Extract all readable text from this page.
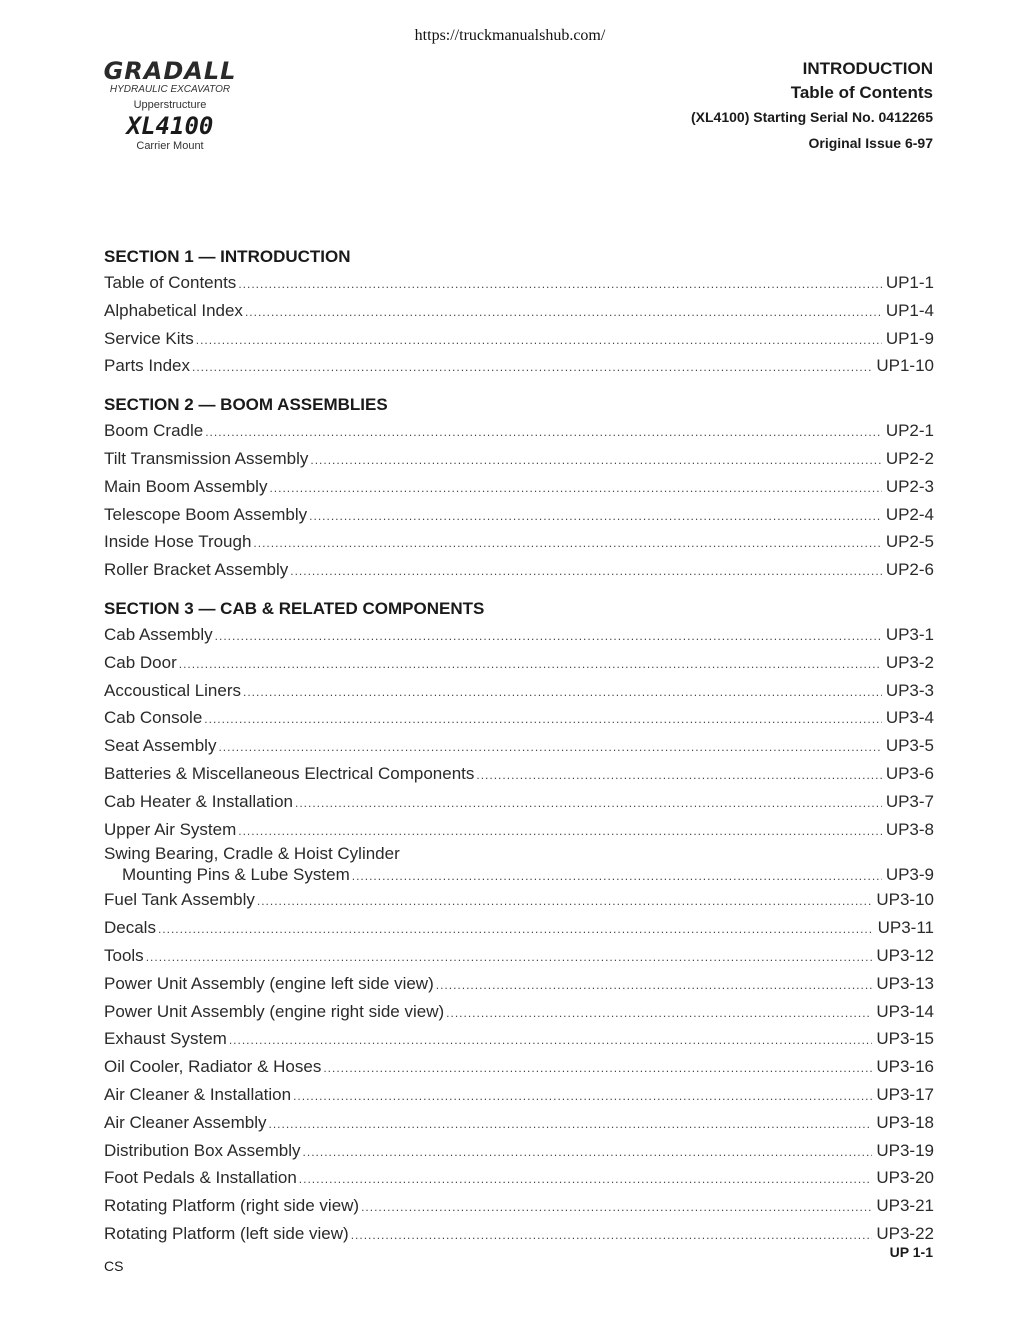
https://truckmanualshub.com/
GRADALL
HYDRAULIC EXCAVATOR
Upperstructure
XL4100
Carrier Mount
INTRODUCTION
Table of Contents
(XL4100) Starting Serial No. 0412265
Original Issue 6-97
SECTION 1 — INTRODUCTION
Table of Contents .....	UP1-1
Alphabetical Index .....	UP1-4
Service Kits .....	UP1-9
Parts Index .....	UP1-10
SECTION 2 — BOOM ASSEMBLIES
Boom Cradle .....	UP2-1
Tilt Transmission Assembly .....	UP2-2
Main Boom Assembly .....	UP2-3
Telescope Boom Assembly .....	UP2-4
Inside Hose Trough .....	UP2-5
Roller Bracket Assembly .....	UP2-6
SECTION 3 — CAB & RELATED COMPONENTS
Cab Assembly .....	UP3-1
Cab Door .....	UP3-2
Accoustical Liners .....	UP3-3
Cab Console .....	UP3-4
Seat Assembly .....	UP3-5
Batteries & Miscellaneous Electrical Components .....	UP3-6
Cab Heater & Installation .....	UP3-7
Upper Air System .....	UP3-8
Swing Bearing, Cradle & Hoist Cylinder
Mounting Pins & Lube System .....	UP3-9
Fuel Tank Assembly .....	UP3-10
Decals .....	UP3-11
Tools .....	UP3-12
Power Unit Assembly (engine left side view) .....	UP3-13
Power Unit Assembly (engine right side view) .....	UP3-14
Exhaust System .....	UP3-15
Oil Cooler, Radiator & Hoses .....	UP3-16
Air Cleaner & Installation .....	UP3-17
Air Cleaner Assembly .....	UP3-18
Distribution Box Assembly .....	UP3-19
Foot Pedals & Installation .....	UP3-20
Rotating Platform (right side view) .....	UP3-21
Rotating Platform (left side view) .....	UP3-22
UP 1-1
CS
